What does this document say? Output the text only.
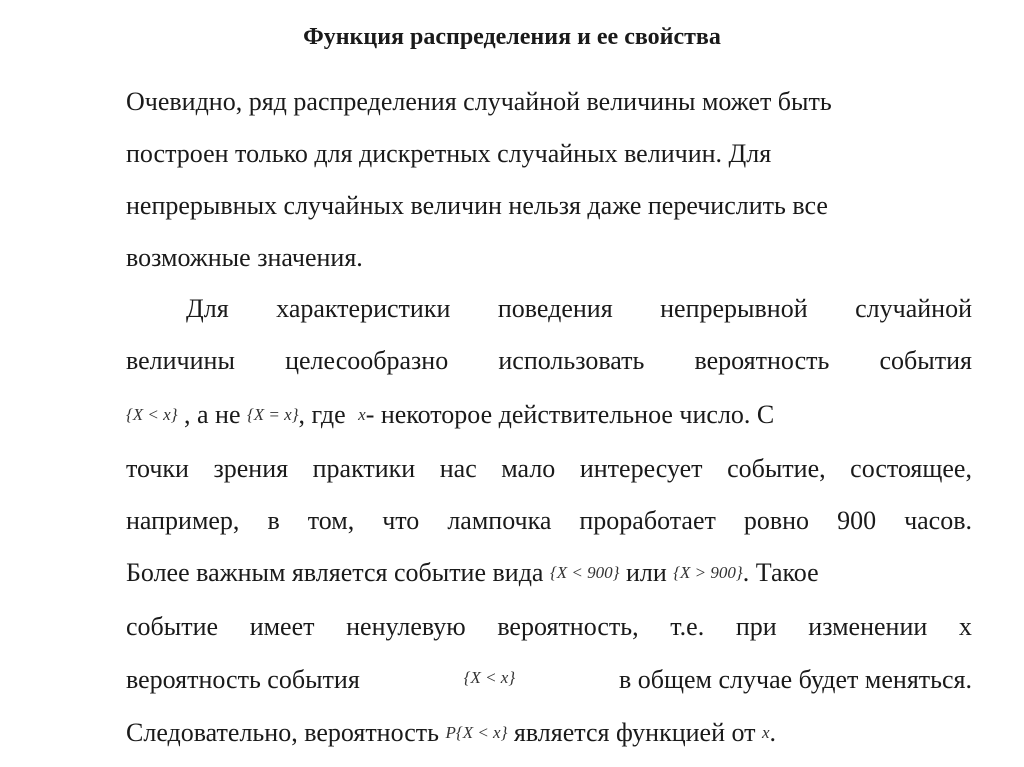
Функция распределения и ее свойства
Очевидно, ряд распределения случайной величины может быть
построен только для дискретных случайных величин. Для
непрерывных случайных величин нельзя даже перечислить все
возможные значения.
Для характеристики поведения непрерывной случайной
величины целесообразно использовать вероятность события
{X < x} , а не {X = x}, где x- некоторое действительное число. С
точки зрения практики нас мало интересует событие, состоящее,
например, в том, что лампочка проработает ровно 900 часов.
Более важным является событие вида {X < 900} или {X > 900}. Такое
событие имеет ненулевую вероятность, т.е. при изменении x
вероятность события	{X < x}	в общем случае будет меняться.
Следовательно, вероятность P{X < x} является функцией от x.
